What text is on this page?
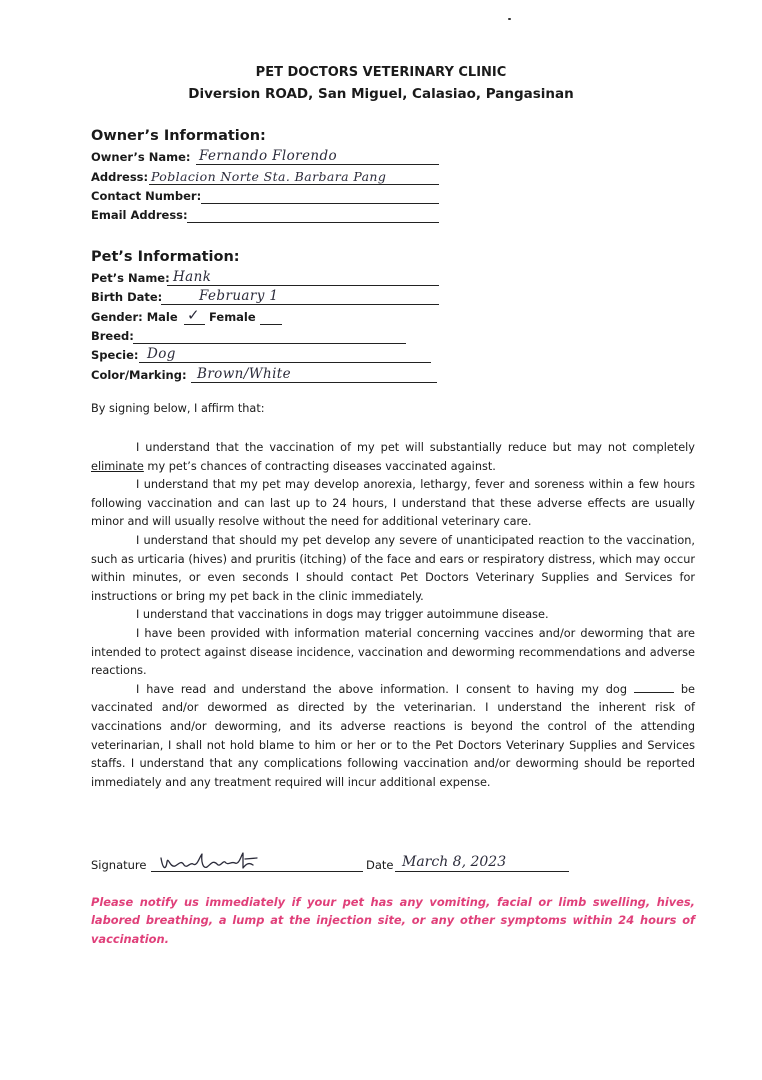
PET DOCTORS VETERINARY CLINIC
Diversion ROAD, San Miguel, Calasiao, Pangasinan
Owner’s Information:
Owner’s Name: Fernando Florendo
Address: Poblacion Norte Sta. Barbara Pang
Contact Number:
Email Address:
Pet’s Information:
Pet’s Name: Hank
Birth Date:	February 1
Gender: Male ✓ Female
Breed:
Specie: Dog
Color/Marking: Brown/White
By signing below, I affirm that:

I understand that the vaccination of my pet will substantially reduce but may not completely eliminate my pet’s chances of contracting diseases vaccinated against.

I understand that my pet may develop anorexia, lethargy, fever and soreness within a few hours following vaccination and can last up to 24 hours, I understand that these adverse effects are usually minor and will usually resolve without the need for additional veterinary care.

I understand that should my pet develop any severe of unanticipated reaction to the vaccination, such as urticaria (hives) and pruritis (itching) of the face and ears or respiratory distress, which may occur within minutes, or even seconds I should contact Pet Doctors Veterinary Supplies and Services for instructions or bring my pet back in the clinic immediately.

I understand that vaccinations in dogs may trigger autoimmune disease.

I have been provided with information material concerning vaccines and/or deworming that are intended to protect against disease incidence, vaccination and deworming recommendations and adverse reactions.

I have read and understand the above information. I consent to having my dog	be vaccinated and/or dewormed as directed by the veterinarian. I understand the inherent risk of vaccinations and/or deworming, and its adverse reactions is beyond the control of the attending veterinarian, I shall not hold blame to him or her or to the Pet Doctors Veterinary Supplies and Services staffs. I understand that any complications following vaccination and/or deworming should be reported immediately and any treatment required will incur additional expense.

Signature	Date March 8, 2023
Please notify us immediately if your pet has any vomiting, facial or limb swelling, hives, labored breathing, a lump at the injection site, or any other symptoms within 24 hours of vaccination.
